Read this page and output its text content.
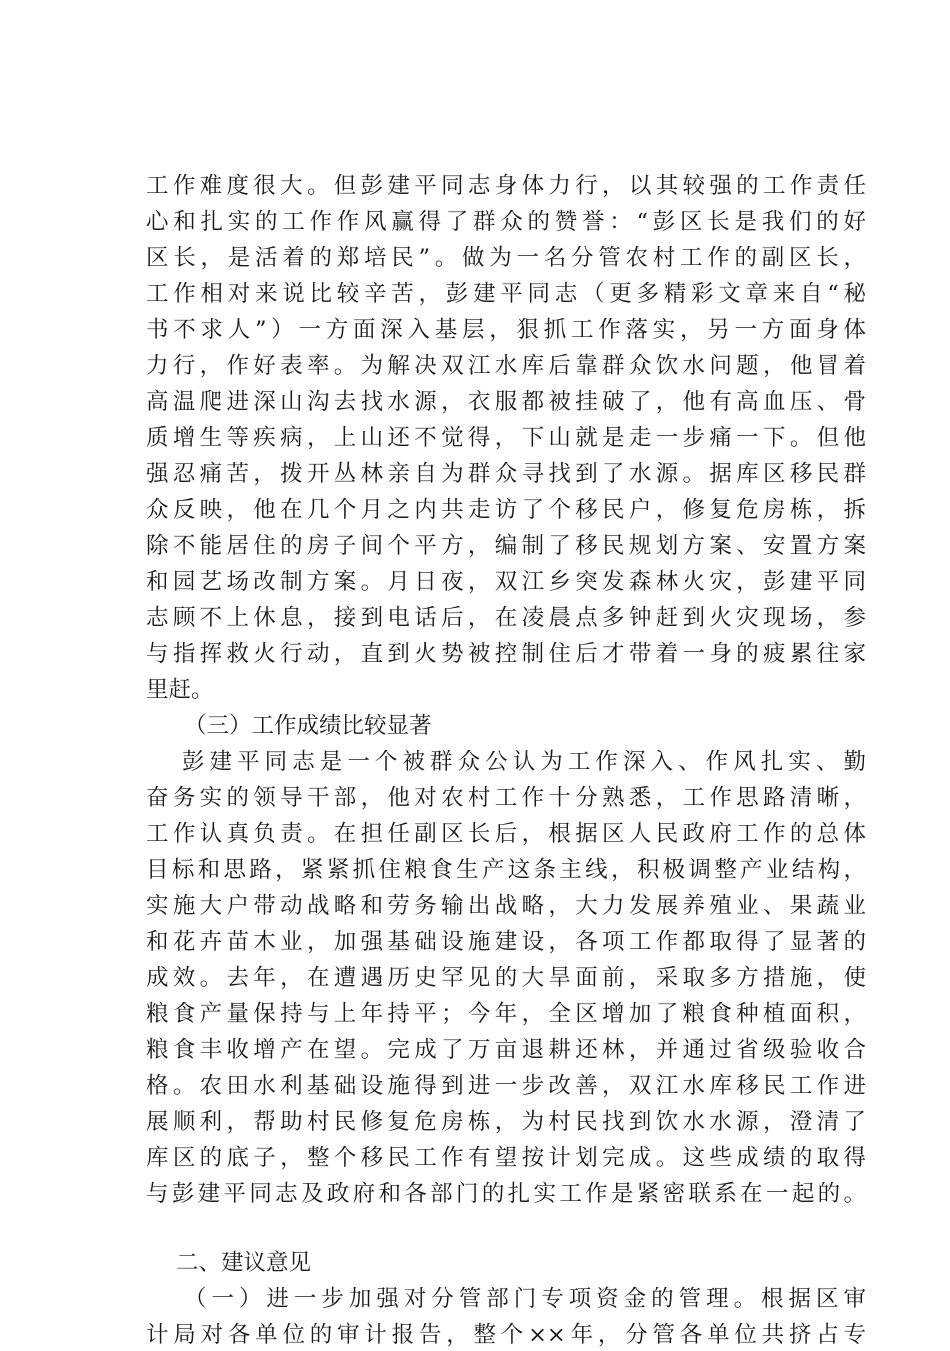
工作难度很大。但彭建平同志身体力行，以其较强的工作责任
心和扎实的工作作风赢得了群众的赞誉：“彭区长是我们的好
区长，是活着的郑培民”。做为一名分管农村工作的副区长，
工作相对来说比较辛苦，彭建平同志（更多精彩文章来自“秘
书不求人”）一方面深入基层，狠抓工作落实，另一方面身体
力行，作好表率。为解决双江水库后靠群众饮水问题，他冒着
高温爬进深山沟去找水源，衣服都被挂破了，他有高血压、骨
质增生等疾病，上山还不觉得，下山就是走一步痛一下。但他
强忍痛苦，拨开丛林亲自为群众寻找到了水源。据库区移民群
众反映，他在几个月之内共走访了个移民户，修复危房栋，拆
除不能居住的房子间个平方，编制了移民规划方案、安置方案
和园艺场改制方案。月日夜，双江乡突发森林火灾，彭建平同
志顾不上休息，接到电话后，在凌晨点多钟赶到火灾现场，参
与指挥救火行动，直到火势被控制住后才带着一身的疲累往家
里赶。
（三）工作成绩比较显著
彭建平同志是一个被群众公认为工作深入、作风扎实、勤
奋务实的领导干部，他对农村工作十分熟悉，工作思路清晰，
工作认真负责。在担任副区长后，根据区人民政府工作的总体
目标和思路，紧紧抓住粮食生产这条主线，积极调整产业结构，
实施大户带动战略和劳务输出战略，大力发展养殖业、果蔬业
和花卉苗木业，加强基础设施建设，各项工作都取得了显著的
成效。去年，在遭遇历史罕见的大旱面前，采取多方措施，使
粮食产量保持与上年持平；今年，全区增加了粮食种植面积，
粮食丰收增产在望。完成了万亩退耕还林，并通过省级验收合
格。农田水利基础设施得到进一步改善，双江水库移民工作进
展顺利，帮助村民修复危房栋，为村民找到饮水水源，澄清了
库区的底子，整个移民工作有望按计划完成。这些成绩的取得
与彭建平同志及政府和各部门的扎实工作是紧密联系在一起的。
二、建议意见
（一）进一步加强对分管部门专项资金的管理。根据区审
计局对各单位的审计报告，整个××年，分管各单位共挤占专
